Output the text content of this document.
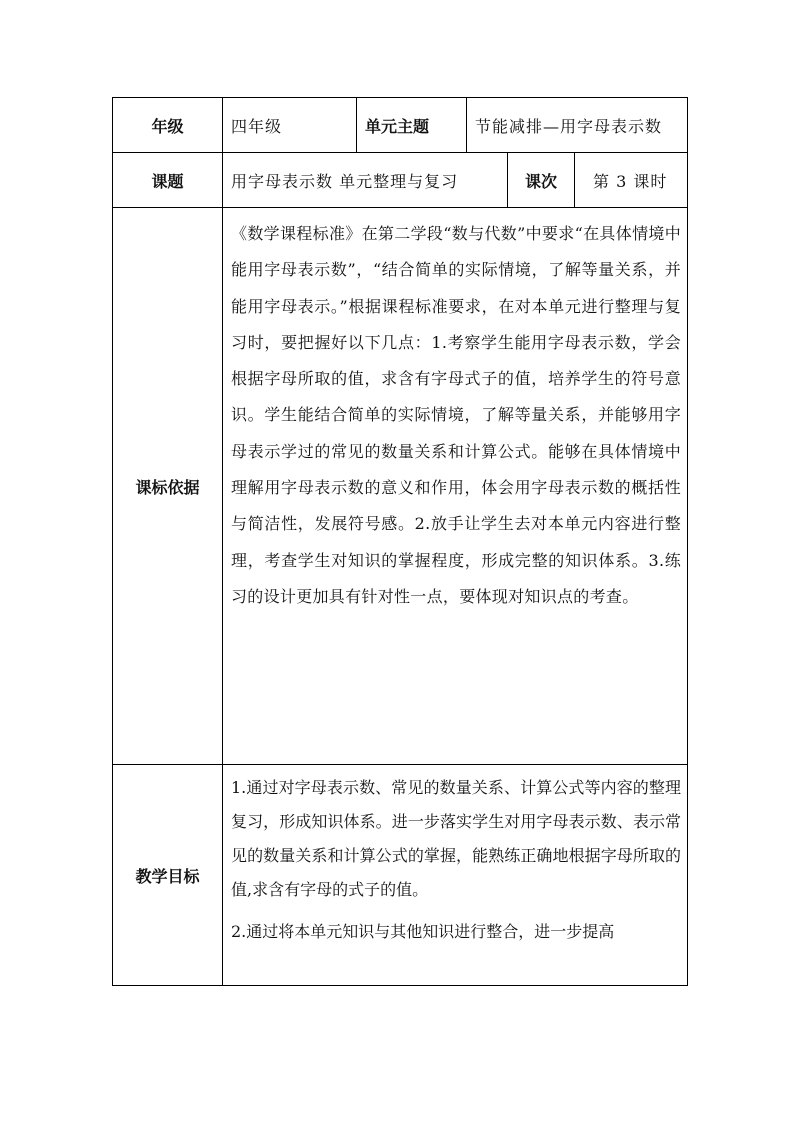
年级	四年级	单元主题	节能减排—用字母表示数		
课题	用字母表示数 单元整理与复习			课次	第 3 课时
课标依据	《数学课程标准》在第二学段“数与代数”中要求“在具体情境中能用字母表示数”，“结合简单的实际情境，了解等量关系，并能用字母表示。”根据课程标准要求，在对本单元进行整理与复习时，要把握好以下几点：1.考察学生能用字母表示数，学会根据字母所取的值，求含有字母式子的值，培养学生的符号意识。学生能结合简单的实际情境，了解等量关系，并能够用字母表示学过的常见的数量关系和计算公式。能够在具体情境中理解用字母表示数的意义和作用，体会用字母表示数的概括性与简洁性，发展符号感。2.放手让学生去对本单元内容进行整理，考查学生对知识的掌握程度，形成完整的知识体系。3.练习的设计更加具有针对性一点，要体现对知识点的考查。				

教学目标	1.通过对字母表示数、常见的数量关系、计算公式等内容的整理复习，形成知识体系。进一步落实学生对用字母表示数、表示常见的数量关系和计算公式的掌握，能熟练正确地根据字母所取的值,求含有字母的式子的值。

2.通过将本单元知识与其他知识进行整合，进一步提高				
